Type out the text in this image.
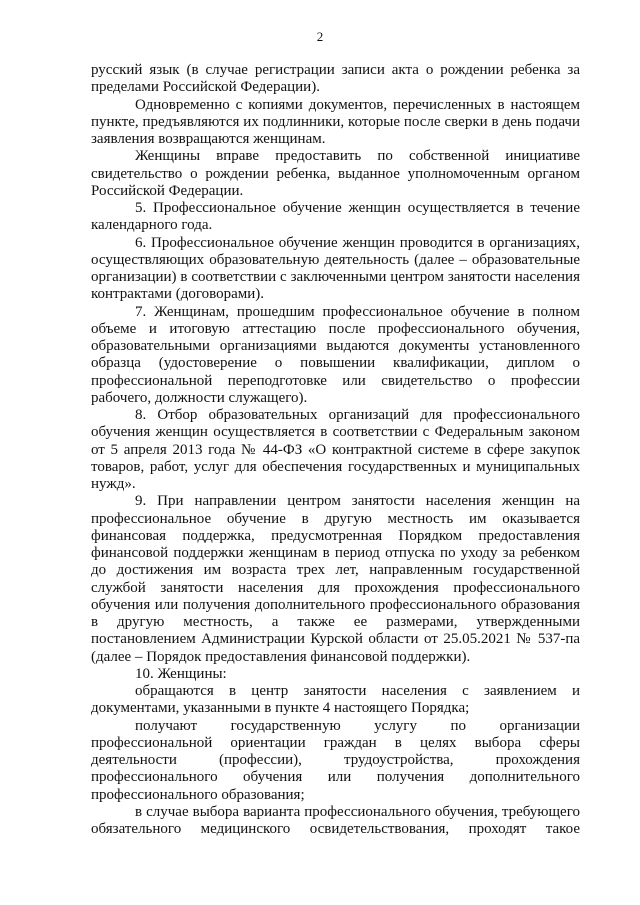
2

русский язык (в случае регистрации записи акта о рождении ребенка за пределами Российской Федерации).

Одновременно с копиями документов, перечисленных в настоящем пункте, предъявляются их подлинники, которые после сверки в день подачи заявления возвращаются женщинам.

Женщины вправе предоставить по собственной инициативе свидетельство о рождении ребенка, выданное уполномоченным органом Российской Федерации.

5. Профессиональное обучение женщин осуществляется в течение календарного года.

6. Профессиональное обучение женщин проводится в организациях, осуществляющих образовательную деятельность (далее – образовательные организации) в соответствии с заключенными центром занятости населения контрактами (договорами).

7. Женщинам, прошедшим профессиональное обучение в полном объеме и итоговую аттестацию после профессионального обучения, образовательными организациями выдаются документы установленного образца (удостоверение о повышении квалификации, диплом о профессиональной переподготовке или свидетельство о профессии рабочего, должности служащего).

8. Отбор образовательных организаций для профессионального обучения женщин осуществляется в соответствии с Федеральным законом от 5 апреля 2013 года № 44-ФЗ «О контрактной системе в сфере закупок товаров, работ, услуг для обеспечения государственных и муниципальных нужд».

9. При направлении центром занятости населения женщин на профессиональное обучение в другую местность им оказывается финансовая поддержка, предусмотренная Порядком предоставления финансовой поддержки женщинам в период отпуска по уходу за ребенком до достижения им возраста трех лет, направленным государственной службой занятости населения для прохождения профессионального обучения или получения дополнительного профессионального образования в другую местность, а также ее размерами, утвержденными постановлением Администрации Курской области от 25.05.2021 № 537-па (далее – Порядок предоставления финансовой поддержки).

10. Женщины:

обращаются в центр занятости населения с заявлением и документами, указанными в пункте 4 настоящего Порядка;

получают государственную услугу по организации профессиональной ориентации граждан в целях выбора сферы деятельности (профессии), трудоустройства, прохождения профессионального обучения или получения дополнительного профессионального образования;

в случае выбора варианта профессионального обучения, требующего обязательного медицинского освидетельствования, проходят такое
